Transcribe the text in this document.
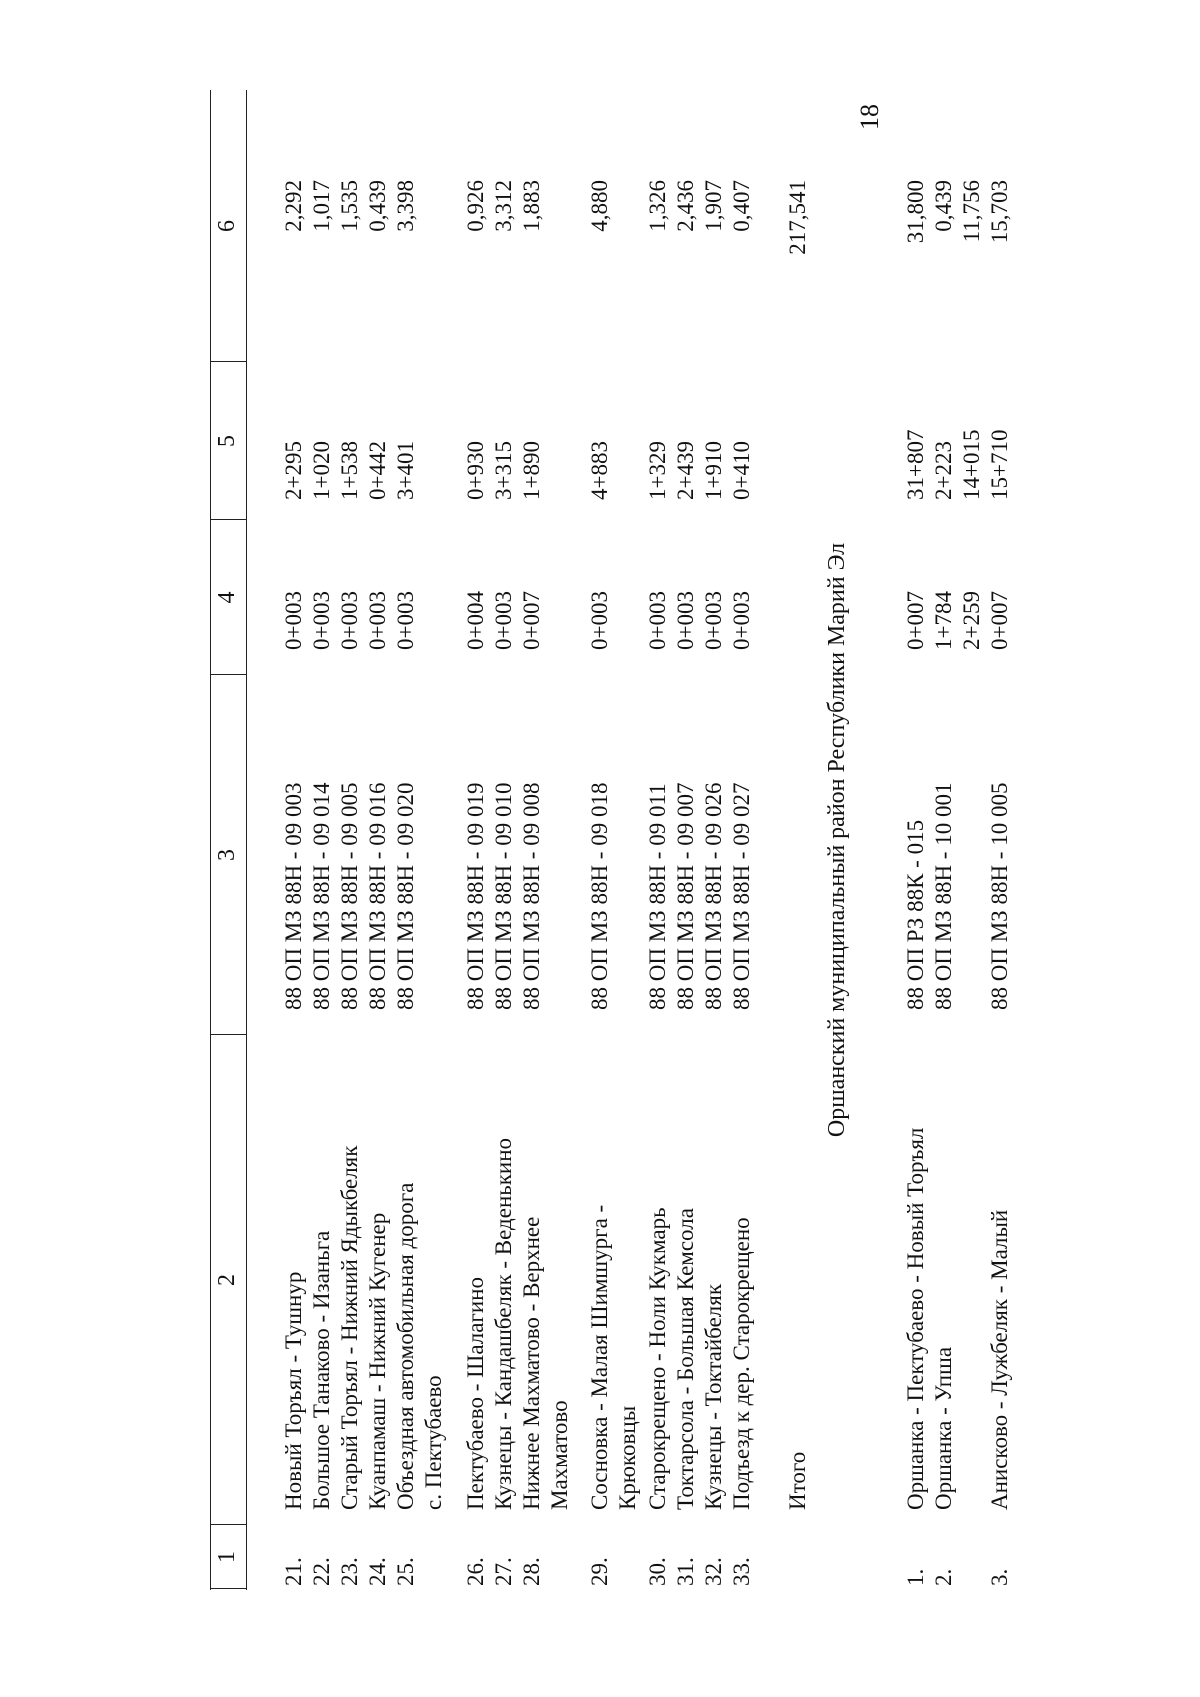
18
1
2
3
4
5
6
21.
Новый Торъял - Тушнур
88 ОП МЗ 88Н - 09 003
0+003
2+295
2,292
22.
Большое Танаково - Изаньга
88 ОП МЗ 88Н - 09 014
0+003
1+020
1,017
23.
Старый Торъял - Нижний Ядыкбеляк
88 ОП МЗ 88Н - 09 005
0+003
1+538
1,535
24.
Куанпамаш - Нижний Кугенер
88 ОП МЗ 88Н - 09 016
0+003
0+442
0,439
25.
Объездная автомобильная дорога
88 ОП МЗ 88Н - 09 020
0+003
3+401
3,398
с. Пектубаево
26.
Пектубаево - Шалагино
88 ОП МЗ 88Н - 09 019
0+004
0+930
0,926
27.
Кузнецы - Кандашбеляк - Веденькино
88 ОП МЗ 88Н - 09 010
0+003
3+315
3,312
28.
Нижнее Махматово - Верхнее
88 ОП МЗ 88Н - 09 008
0+007
1+890
1,883
Махматово
29.
Сосновка - Малая Шимшурга -
88 ОП МЗ 88Н - 09 018
0+003
4+883
4,880
Крюковцы
30.
Старокрещено - Ноли Кукмарь
88 ОП МЗ 88Н - 09 011
0+003
1+329
1,326
31.
Токтарсола - Большая Кемсола
88 ОП МЗ 88Н - 09 007
0+003
2+439
2,436
32.
Кузнецы - Токтайбеляк
88 ОП МЗ 88Н - 09 026
0+003
1+910
1,907
33.
Подъезд к дер. Старокрещено
88 ОП МЗ 88Н - 09 027
0+003
0+410
0,407
Итого
217,541
Оршанский муниципальный район Республики Марий Эл
1.
Оршанка - Пектубаево - Новый Торъял
88 ОП РЗ 88К - 015
0+007
31+807
31,800
2.
Оршанка - Упша
88 ОП МЗ 88Н - 10 001
1+784
2+223
0,439
2+259
14+015
11,756
3.
Анисково - Лужбеляк - Малый
88 ОП МЗ 88Н - 10 005
0+007
15+710
15,703
